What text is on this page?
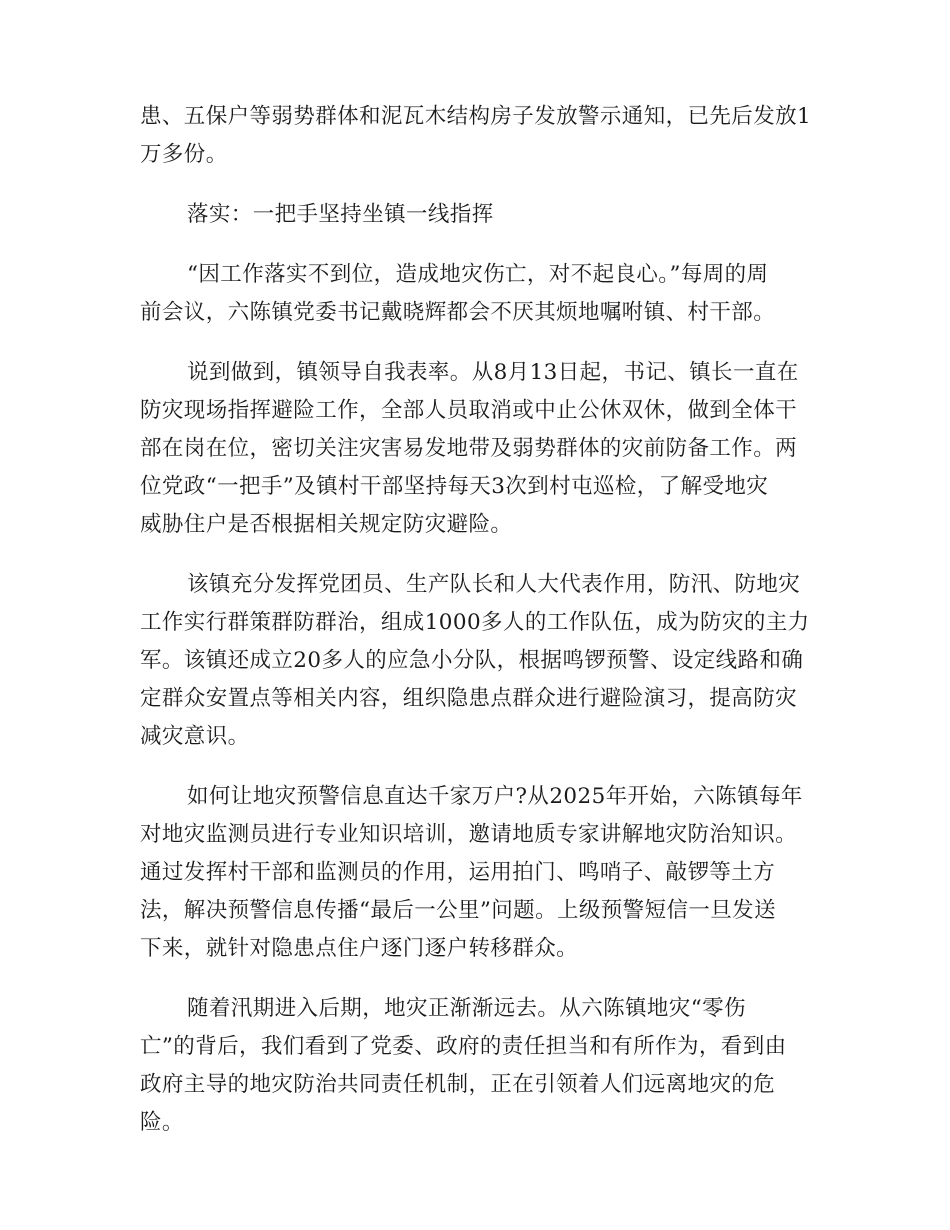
患、五保户等弱势群体和泥瓦木结构房子发放警示通知，已先后发放1
万多份。
落实：一把手坚持坐镇一线指挥
“因工作落实不到位，造成地灾伤亡，对不起良心。”每周的周
前会议，六陈镇党委书记戴晓辉都会不厌其烦地嘱咐镇、村干部。
说到做到，镇领导自我表率。从8月13日起，书记、镇长一直在
防灾现场指挥避险工作，全部人员取消或中止公休双休，做到全体干
部在岗在位，密切关注灾害易发地带及弱势群体的灾前防备工作。两
位党政“一把手”及镇村干部坚持每天3次到村屯巡检，了解受地灾
威胁住户是否根据相关规定防灾避险。
该镇充分发挥党团员、生产队长和人大代表作用，防汛、防地灾
工作实行群策群防群治，组成1000多人的工作队伍，成为防灾的主力
军。该镇还成立20多人的应急小分队，根据鸣锣预警、设定线路和确
定群众安置点等相关内容，组织隐患点群众进行避险演习，提高防灾
减灾意识。
如何让地灾预警信息直达千家万户?从2025年开始，六陈镇每年
对地灾监测员进行专业知识培训，邀请地质专家讲解地灾防治知识。
通过发挥村干部和监测员的作用，运用拍门、鸣哨子、敲锣等土方
法，解决预警信息传播“最后一公里”问题。上级预警短信一旦发送
下来，就针对隐患点住户逐门逐户转移群众。
随着汛期进入后期，地灾正渐渐远去。从六陈镇地灾“零伤
亡”的背后，我们看到了党委、政府的责任担当和有所作为，看到由
政府主导的地灾防治共同责任机制，正在引领着人们远离地灾的危
险。
